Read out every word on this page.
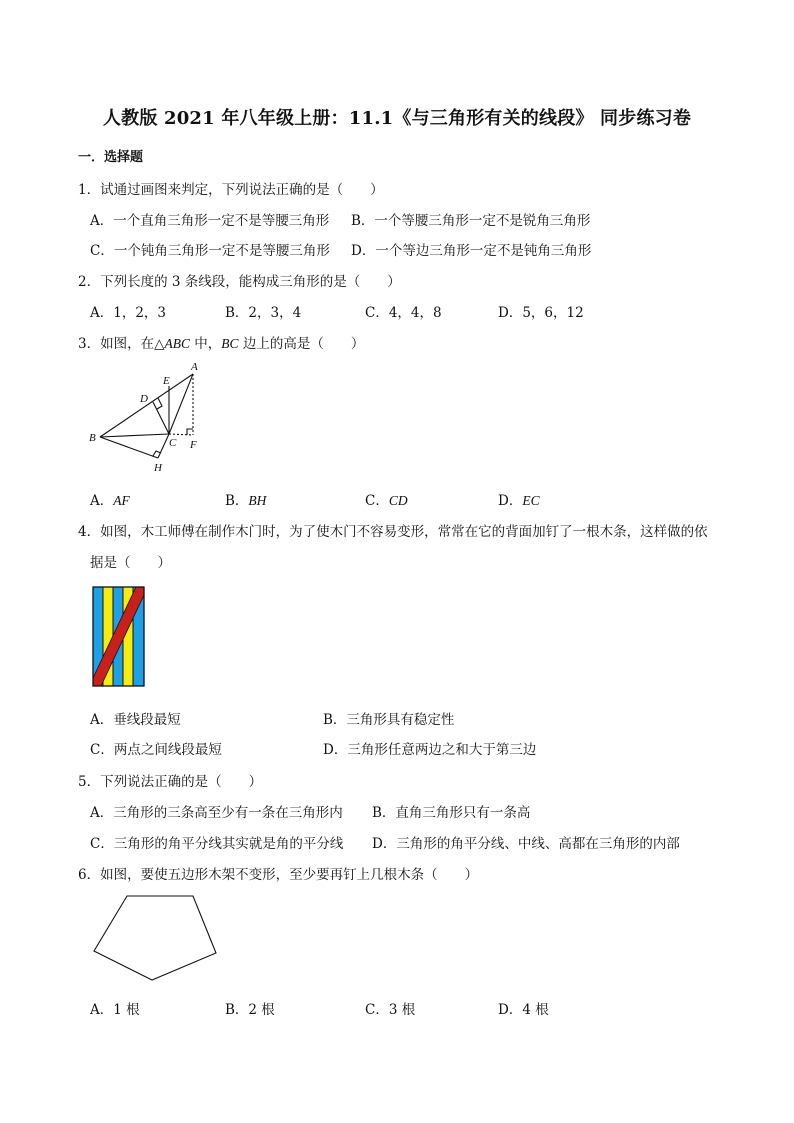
人教版 2021 年八年级上册：11.1《与三角形有关的线段》 同步练习卷
一．选择题
1．试通过画图来判定，下列说法正确的是（　　）
A．一个直角三角形一定不是等腰三角形 B．一个等腰三角形一定不是锐角三角形
C．一个钝角三角形一定不是等腰三角形 D．一个等边三角形一定不是钝角三角形
2．下列长度的 3 条线段，能构成三角形的是（　　）
A．1，2，3	B．2，3，4	C．4，4，8	D．5，6，12
3．如图，在△ABC 中，BC 边上的高是（　　）
A
E
D
B	C F
H
A．AF	B．BH	C．CD	D．EC
4．如图，木工师傅在制作木门时，为了使木门不容易变形，常常在它的背面加钉了一根木条，这样做的依
据是（　　）
A．垂线段最短	B．三角形具有稳定性
C．两点之间线段最短	D．三角形任意两边之和大于第三边
5．下列说法正确的是（　　）
A．三角形的三条高至少有一条在三角形内 B．直角三角形只有一条高
C．三角形的角平分线其实就是角的平分线 D．三角形的角平分线、中线、高都在三角形的内部
6．如图，要使五边形木架不变形，至少要再钉上几根木条（　　）
A．1 根	B．2 根	C．3 根	D．4 根
